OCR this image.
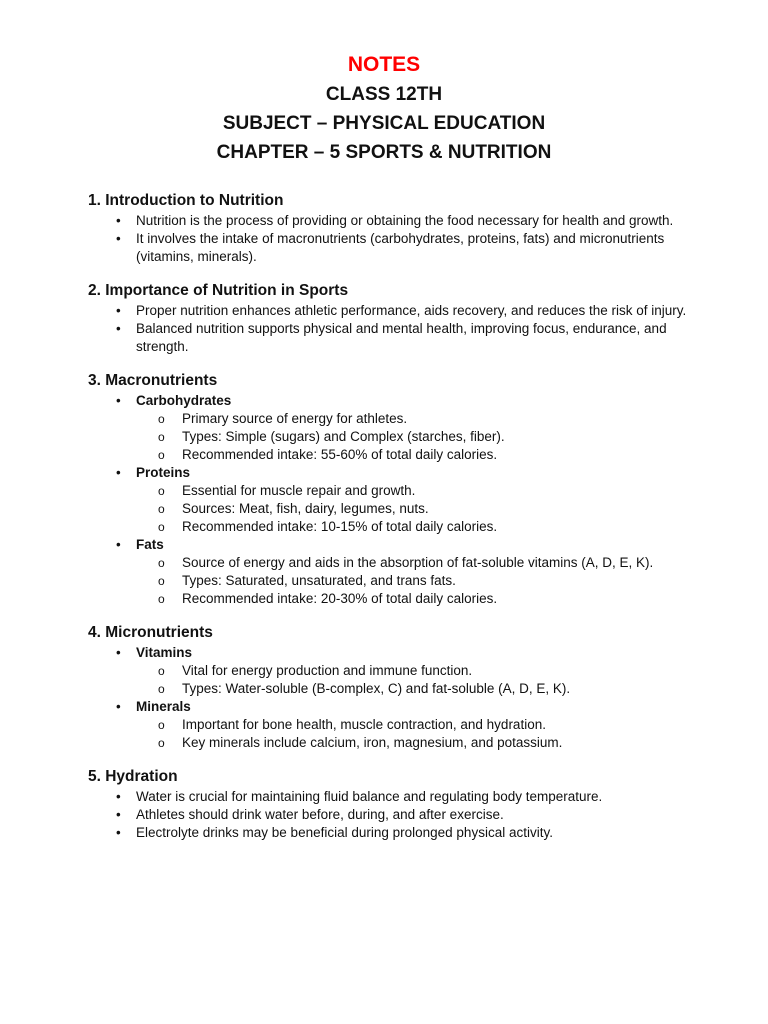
NOTES
CLASS 12TH
SUBJECT – PHYSICAL EDUCATION
CHAPTER – 5 SPORTS & NUTRITION
1. Introduction to Nutrition
• Nutrition is the process of providing or obtaining the food necessary for health and growth.
• It involves the intake of macronutrients (carbohydrates, proteins, fats) and micronutrients (vitamins, minerals).
2. Importance of Nutrition in Sports
• Proper nutrition enhances athletic performance, aids recovery, and reduces the risk of injury.
• Balanced nutrition supports physical and mental health, improving focus, endurance, and strength.
3. Macronutrients
• Carbohydrates
o Primary source of energy for athletes.
o Types: Simple (sugars) and Complex (starches, fiber).
o Recommended intake: 55-60% of total daily calories.
• Proteins
o Essential for muscle repair and growth.
o Sources: Meat, fish, dairy, legumes, nuts.
o Recommended intake: 10-15% of total daily calories.
• Fats
o Source of energy and aids in the absorption of fat-soluble vitamins (A, D, E, K).
o Types: Saturated, unsaturated, and trans fats.
o Recommended intake: 20-30% of total daily calories.
4. Micronutrients
• Vitamins
o Vital for energy production and immune function.
o Types: Water-soluble (B-complex, C) and fat-soluble (A, D, E, K).
• Minerals
o Important for bone health, muscle contraction, and hydration.
o Key minerals include calcium, iron, magnesium, and potassium.
5. Hydration
• Water is crucial for maintaining fluid balance and regulating body temperature.
• Athletes should drink water before, during, and after exercise.
• Electrolyte drinks may be beneficial during prolonged physical activity.
